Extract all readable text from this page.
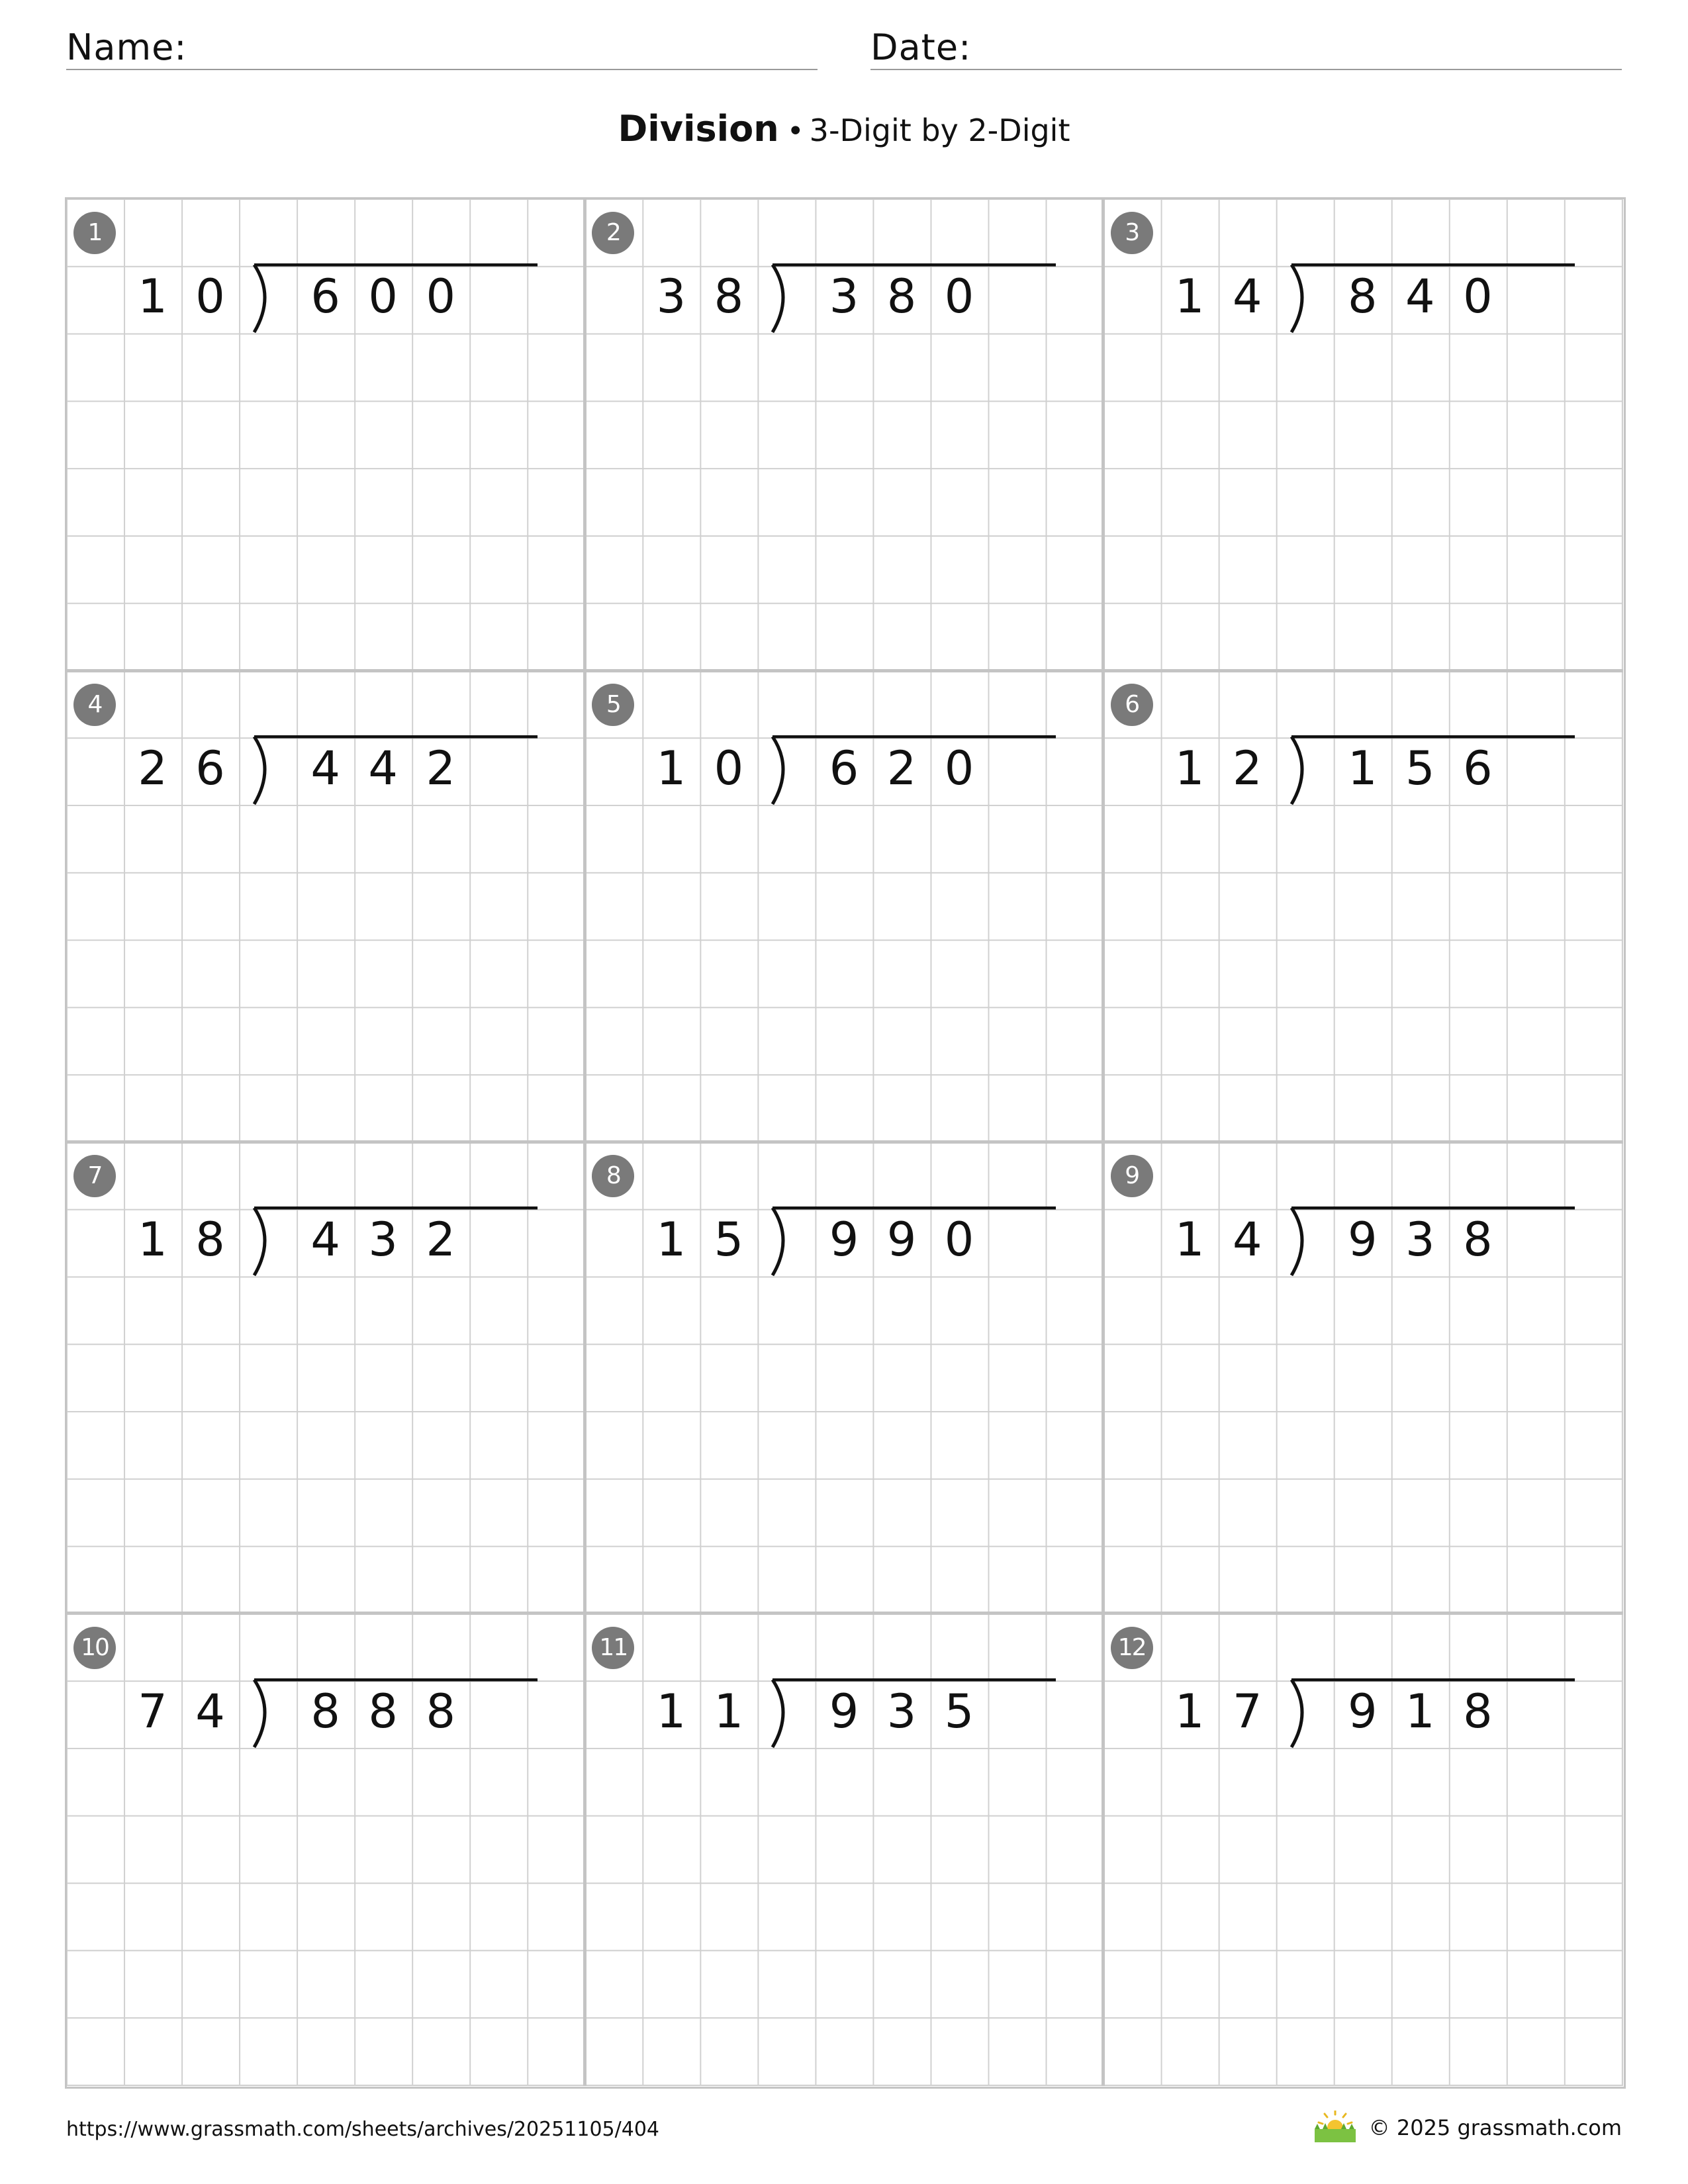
Name:	Date:
Division • 3-Digit by 2-Digit
1
1 0	6 0 0
2
3 8	3 8 0
3
1 4	8 4 0
4
2 6	4 4 2
5
1 0	6 2 0
6
1 2	1 5 6
7
1 8	4 3 2
8
1 5	9 9 0
9
1 4	9 3 8
10
7 4	8 8 8
11
1 1	9 3 5
12
1 7	9 1 8
https://www.grassmath.com/sheets/archives/20251105/404	© 2025 grassmath.com
